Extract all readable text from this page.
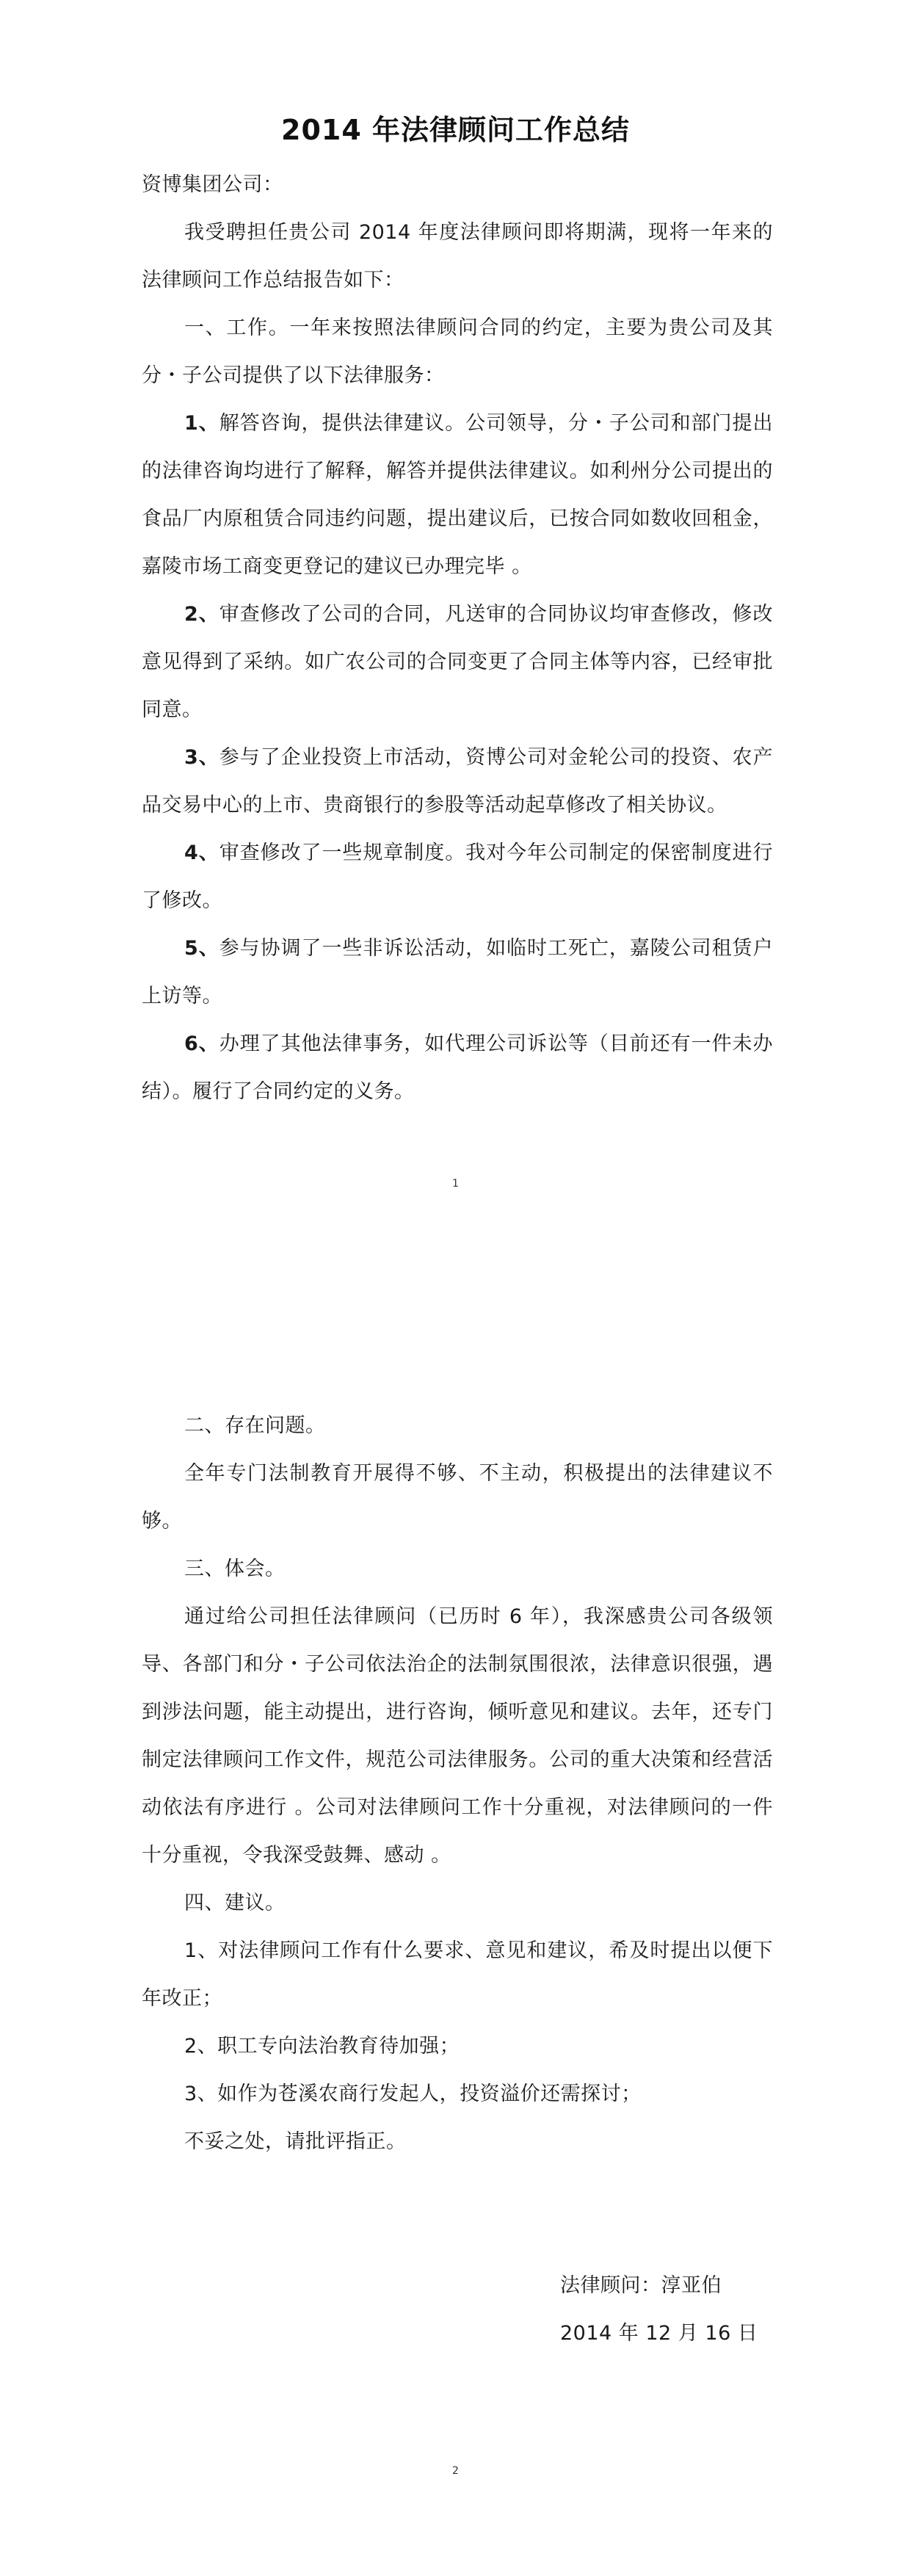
2014 年法律顾问工作总结

资博集团公司：

我受聘担任贵公司 2014 年度法律顾问即将期满，现将一年来的法律顾问工作总结报告如下：

一、工作。一年来按照法律顾问合同的约定，主要为贵公司及其分・子公司提供了以下法律服务：

1、解答咨询，提供法律建议。公司领导，分・子公司和部门提出的法律咨询均进行了解释，解答并提供法律建议。如利州分公司提出的食品厂内原租赁合同违约问题，提出建议后，已按合同如数收回租金，嘉陵市场工商变更登记的建议已办理完毕 。

2、审查修改了公司的合同，凡送审的合同协议均审查修改，修改意见得到了采纳。如广农公司的合同变更了合同主体等内容，已经审批同意。

3、参与了企业投资上市活动，资博公司对金轮公司的投资、农产品交易中心的上市、贵商银行的参股等活动起草修改了相关协议。

4、审查修改了一些规章制度。我对今年公司制定的保密制度进行了修改。

5、参与协调了一些非诉讼活动，如临时工死亡，嘉陵公司租赁户上访等。

6、办理了其他法律事务，如代理公司诉讼等（目前还有一件未办结）。履行了合同约定的义务。

1

二、存在问题。

全年专门法制教育开展得不够、不主动，积极提出的法律建议不够。

三、体会。

通过给公司担任法律顾问（已历时 6 年），我深感贵公司各级领导、各部门和分・子公司依法治企的法制氛围很浓，法律意识很强，遇到涉法问题，能主动提出，进行咨询，倾听意见和建议。去年，还专门制定法律顾问工作文件，规范公司法律服务。公司的重大决策和经营活动依法有序进行 。公司对法律顾问工作十分重视，对法律顾问的一件十分重视，令我深受鼓舞、感动 。

四、建议。

1、对法律顾问工作有什么要求、意见和建议，希及时提出以便下年改正；

2、职工专向法治教育待加强；

3、如作为苍溪农商行发起人，投资溢价还需探讨；

不妥之处，请批评指正。

法律顾问：淳亚伯
2014 年 12 月 16 日
2
